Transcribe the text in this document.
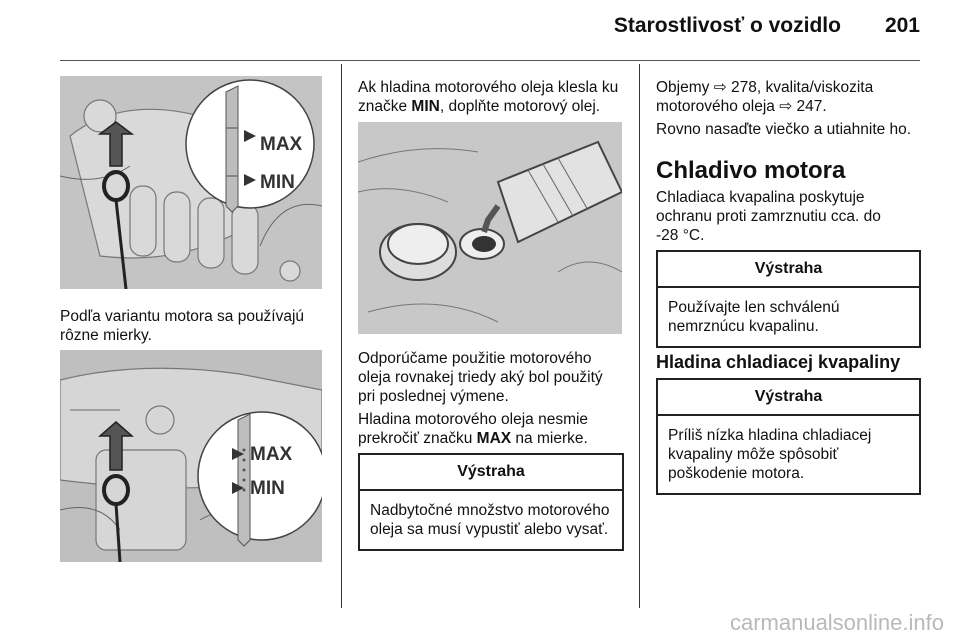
Starostlivosť o vozidlo 201
MAX
MIN

Podľa variantu motora sa používajú rôzne mierky.

MAX
MIN

Ak hladina motorového oleja klesla ku značke MIN, doplňte motorový olej.

Odporúčame použitie motorového oleja rovnakej triedy aký bol použitý pri poslednej výmene.

Hladina motorového oleja nesmie prekročiť značku MAX na mierke.

Výstraha
Nadbytočné množstvo motorového oleja sa musí vypustiť alebo vysať.

Objemy ⇨ 278, kvalita/viskozita motorového oleja ⇨ 247.

Rovno nasaďte viečko a utiahnite ho.

Chladivo motora

Chladiaca kvapalina poskytuje ochranu proti zamrznutiu cca. do -28 °C.

Výstraha
Používajte len schválenú nemrznúcu kvapalinu.
Hladina chladiacej kvapaliny
Výstraha
Príliš nízka hladina chladiacej kvapaliny môže spôsobiť poškodenie motora.
carmanualsonline.info
